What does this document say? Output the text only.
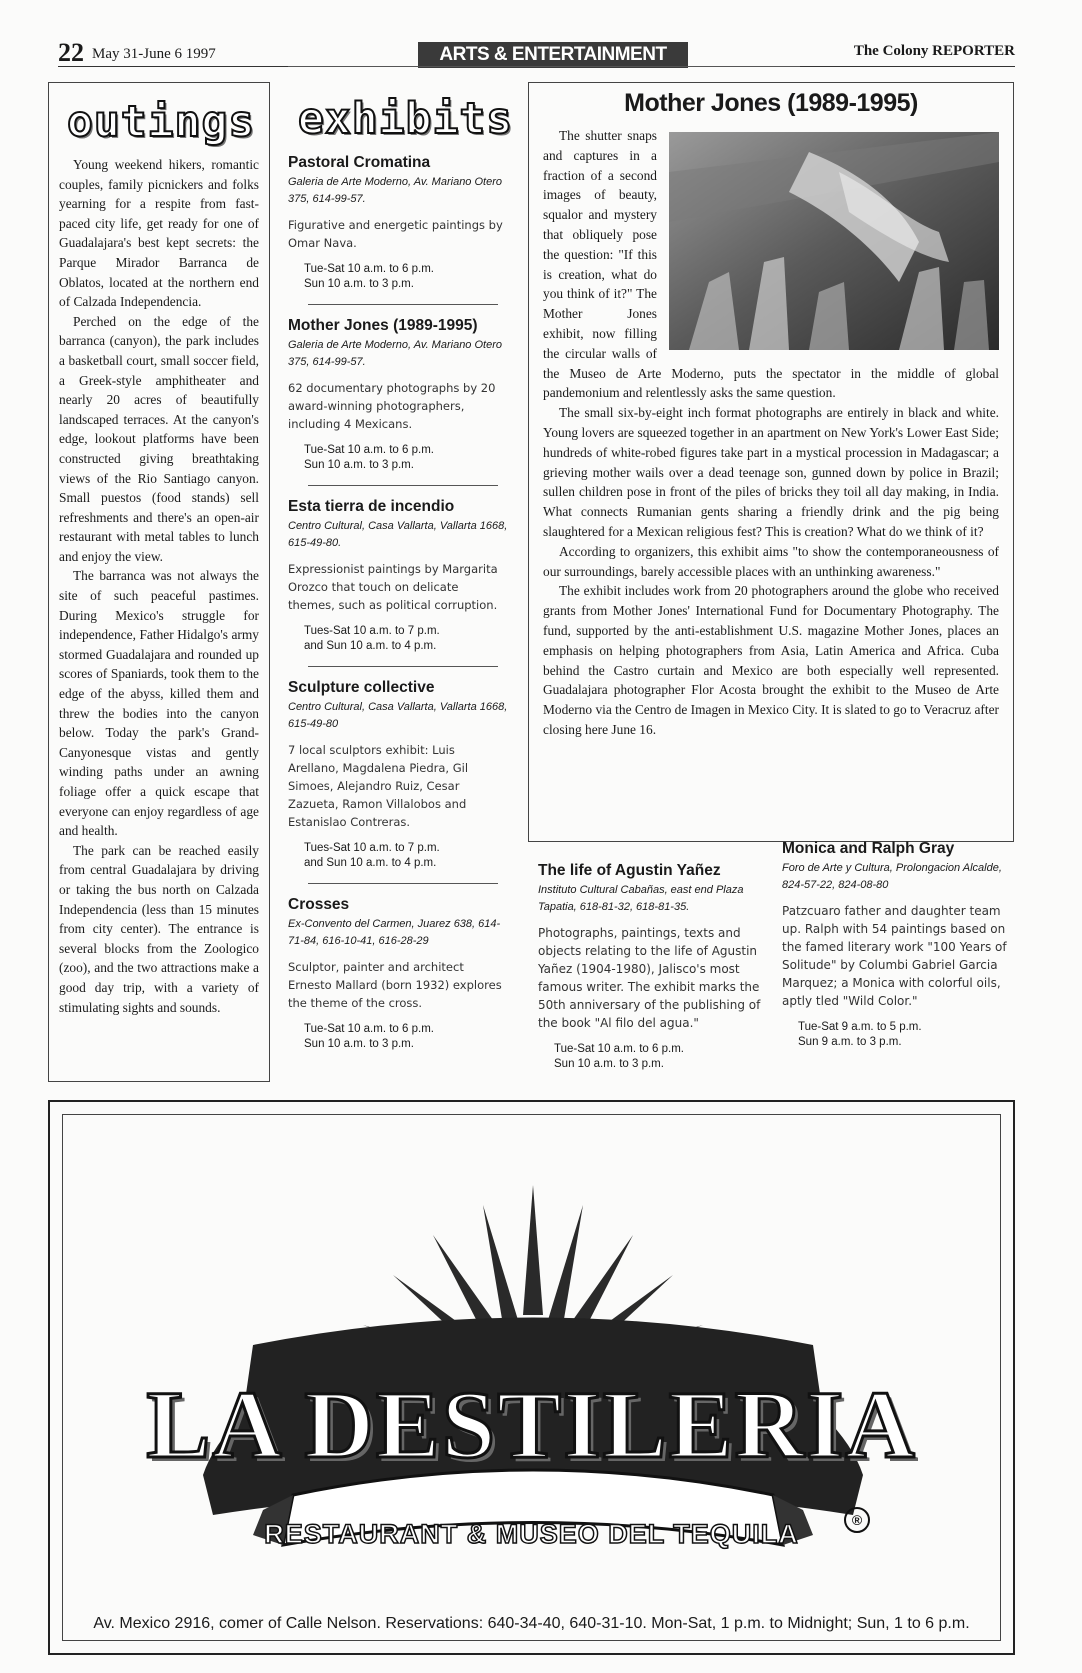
22 May 31-June 6 1997	ARTS & ENTERTAINMENT	The Colony REPORTER
outings

Young weekend hikers, romantic couples, family picnickers and folks yearning for a respite from fast-paced city life, get ready for one of Guadalajara's best kept secrets: the Parque Mirador Barranca de Oblatos, located at the northern end of Calzada Independencia.

Perched on the edge of the barranca (canyon), the park includes a basketball court, small soccer field, a Greek-style amphitheater and nearly 20 acres of beautifully landscaped terraces. At the canyon's edge, lookout platforms have been constructed giving breathtaking views of the Rio Santiago canyon. Small puestos (food stands) sell refreshments and there's an open-air restaurant with metal tables to lunch and enjoy the view.

The barranca was not always the site of such peaceful pastimes. During Mexico's struggle for independence, Father Hidalgo's army stormed Guadalajara and rounded up scores of Spaniards, took them to the edge of the abyss, killed them and threw the bodies into the canyon below. Today the park's Grand-Canyonesque vistas and gently winding paths under an awning foliage offer a quick escape that everyone can enjoy regardless of age and health.

The park can be reached easily from central Guadalajara by driving or taking the bus north on Calzada Independencia (less than 15 minutes from city center). The entrance is several blocks from the Zoologico (zoo), and the two attractions make a good day trip, with a variety of stimulating sights and sounds.

exhibits

Pastoral Cromatina

Galeria de Arte Moderno, Av. Mariano Otero 375, 614-99-57.

Figurative and energetic paintings by Omar Nava.

Tue-Sat 10 a.m. to 6 p.m.

Sun 10 a.m. to 3 p.m.

Mother Jones (1989-1995)

Galeria de Arte Moderno, Av. Mariano Otero 375, 614-99-57.

62 documentary photographs by 20 award-winning photographers, including 4 Mexicans.

Tue-Sat 10 a.m. to 6 p.m.

Sun 10 a.m. to 3 p.m.

Esta tierra de incendio

Centro Cultural, Casa Vallarta, Vallarta 1668, 615-49-80.

Expressionist paintings by Margarita Orozco that touch on delicate themes, such as political corruption.

Tues-Sat 10 a.m. to 7 p.m.

and Sun 10 a.m. to 4 p.m.

Sculpture collective

Centro Cultural, Casa Vallarta, Vallarta 1668, 615-49-80

7 local sculptors exhibit: Luis Arellano, Magdalena Piedra, Gil Simoes, Alejandro Ruiz, Cesar Zazueta, Ramon Villalobos and Estanislao Contreras.

Tues-Sat 10 a.m. to 7 p.m.

and Sun 10 a.m. to 4 p.m.

Crosses

Ex-Convento del Carmen, Juarez 638, 614-71-84, 616-10-41, 616-28-29

Sculptor, painter and architect Ernesto Mallard (born 1932) explores the theme of the cross.

Tue-Sat 10 a.m. to 6 p.m.

Sun 10 a.m. to 3 p.m.

Mother Jones (1989-1995)

The shutter snaps and captures in a fraction of a second images of beauty, squalor and mystery that obliquely pose the question: "If this is creation, what do you think of it?" The Mother Jones exhibit, now filling the circular walls of the Museo de Arte Moderno, puts the spectator in the middle of global pandemonium and relentlessly asks the same question.

The small six-by-eight inch format photographs are entirely in black and white. Young lovers are squeezed together in an apartment on New York's Lower East Side; hundreds of white-robed figures take part in a mystical procession in Madagascar; a grieving mother wails over a dead teenage son, gunned down by police in Brazil; sullen children pose in front of the piles of bricks they toil all day making, in India. What connects Rumanian gents sharing a friendly drink and the pig being slaughtered for a Mexican religious fest? This is creation? What do we think of it?

According to organizers, this exhibit aims "to show the contemporaneousness of our surroundings, barely accessible places with an unthinking awareness."

The exhibit includes work from 20 photographers around the globe who received grants from Mother Jones' International Fund for Documentary Photography. The fund, supported by the anti-establishment U.S. magazine Mother Jones, places an emphasis on helping photographers from Asia, Latin America and Africa. Cuba behind the Castro curtain and Mexico are both especially well represented. Guadalajara photographer Flor Acosta brought the exhibit to the Museo de Arte Moderno via the Centro de Imagen in Mexico City. It is slated to go to Veracruz after closing here June 16.

The life of Agustin Yañez

Instituto Cultural Cabañas, east end Plaza Tapatia, 618-81-32, 618-81-35.

Photographs, paintings, texts and objects relating to the life of Agustin Yañez (1904-1980), Jalisco's most famous writer. The exhibit marks the 50th anniversary of the publishing of the book "Al filo del agua."

Tue-Sat 10 a.m. to 6 p.m.

Sun 10 a.m. to 3 p.m.

Monica and Ralph Gray

Foro de Arte y Cultura, Prolongacion Alcalde, 824-57-22, 824-08-80

Patzcuaro father and daughter team up. Ralph with 54 paintings based on the famed literary work "100 Years of Solitude" by Columbi Gabriel Garcia Marquez; a Monica with colorful oils, aptly tled "Wild Color."

Tue-Sat 9 a.m. to 5 p.m.

Sun 9 a.m. to 3 p.m.

LA DESTILERIA
RESTAURANT & MUSEO DEL TEQUILA	®
Av. Mexico 2916, comer of Calle Nelson. Reservations: 640-34-40, 640-31-10. Mon-Sat, 1 p.m. to Midnight; Sun, 1 to 6 p.m.
